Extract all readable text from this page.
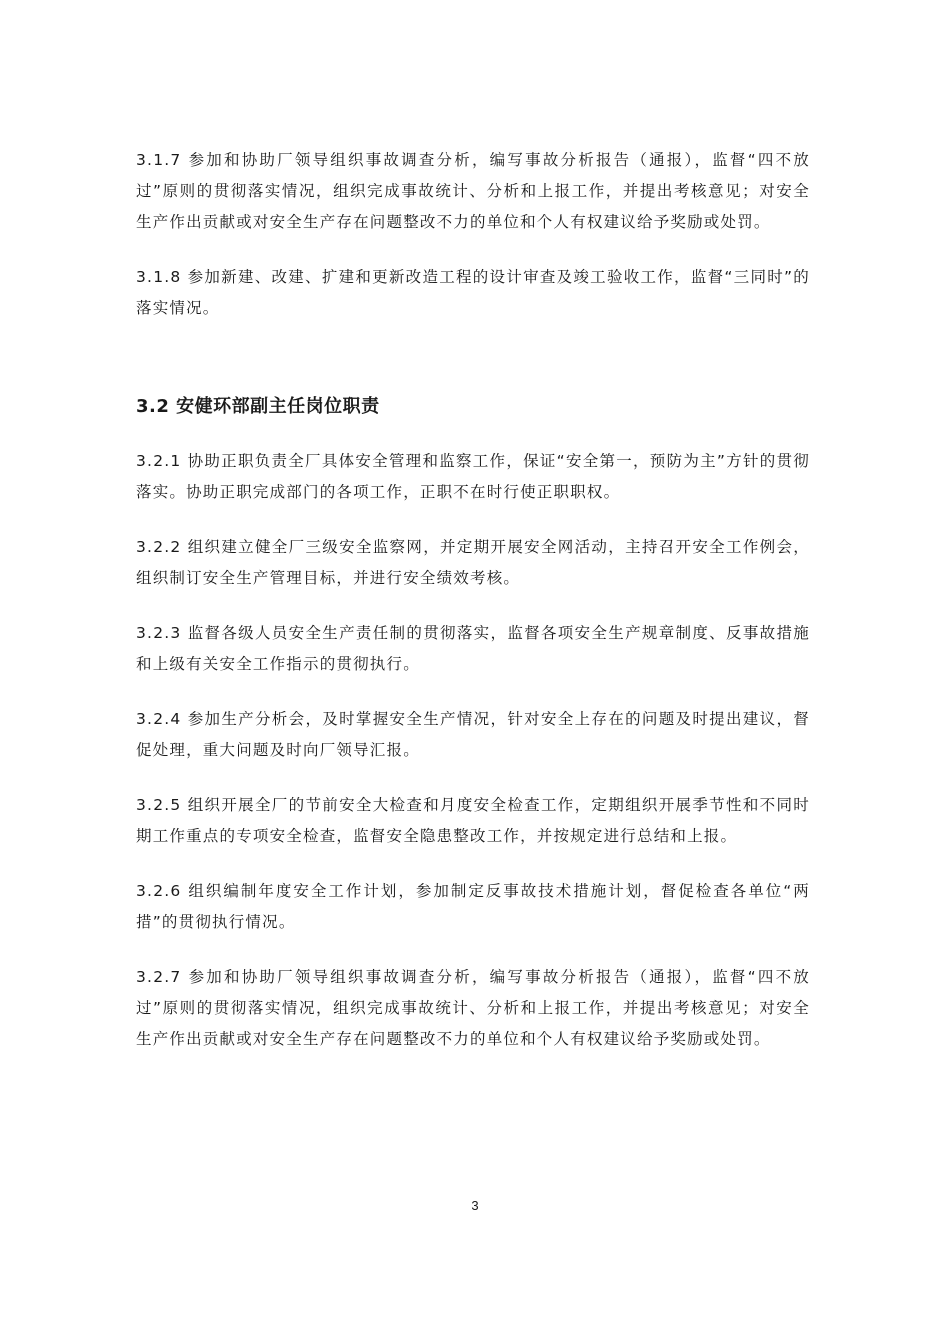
3.1.7 参加和协助厂领导组织事故调查分析，编写事故分析报告（通报），监督“四不放过”原则的贯彻落实情况，组织完成事故统计、分析和上报工作，并提出考核意见；对安全生产作出贡献或对安全生产存在问题整改不力的单位和个人有权建议给予奖励或处罚。

3.1.8 参加新建、改建、扩建和更新改造工程的设计审查及竣工验收工作，监督“三同时”的落实情况。

3.2 安健环部副主任岗位职责

3.2.1 协助正职负责全厂具体安全管理和监察工作，保证“安全第一，预防为主”方针的贯彻落实。协助正职完成部门的各项工作，正职不在时行使正职职权。

3.2.2 组织建立健全厂三级安全监察网，并定期开展安全网活动，主持召开安全工作例会，组织制订安全生产管理目标，并进行安全绩效考核。

3.2.3 监督各级人员安全生产责任制的贯彻落实，监督各项安全生产规章制度、反事故措施和上级有关安全工作指示的贯彻执行。

3.2.4 参加生产分析会，及时掌握安全生产情况，针对安全上存在的问题及时提出建议，督促处理，重大问题及时向厂领导汇报。

3.2.5 组织开展全厂的节前安全大检查和月度安全检查工作，定期组织开展季节性和不同时期工作重点的专项安全检查，监督安全隐患整改工作，并按规定进行总结和上报。

3.2.6 组织编制年度安全工作计划，参加制定反事故技术措施计划，督促检查各单位“两措”的贯彻执行情况。

3.2.7 参加和协助厂领导组织事故调查分析，编写事故分析报告（通报），监督“四不放过”原则的贯彻落实情况，组织完成事故统计、分析和上报工作，并提出考核意见；对安全生产作出贡献或对安全生产存在问题整改不力的单位和个人有权建议给予奖励或处罚。

3
